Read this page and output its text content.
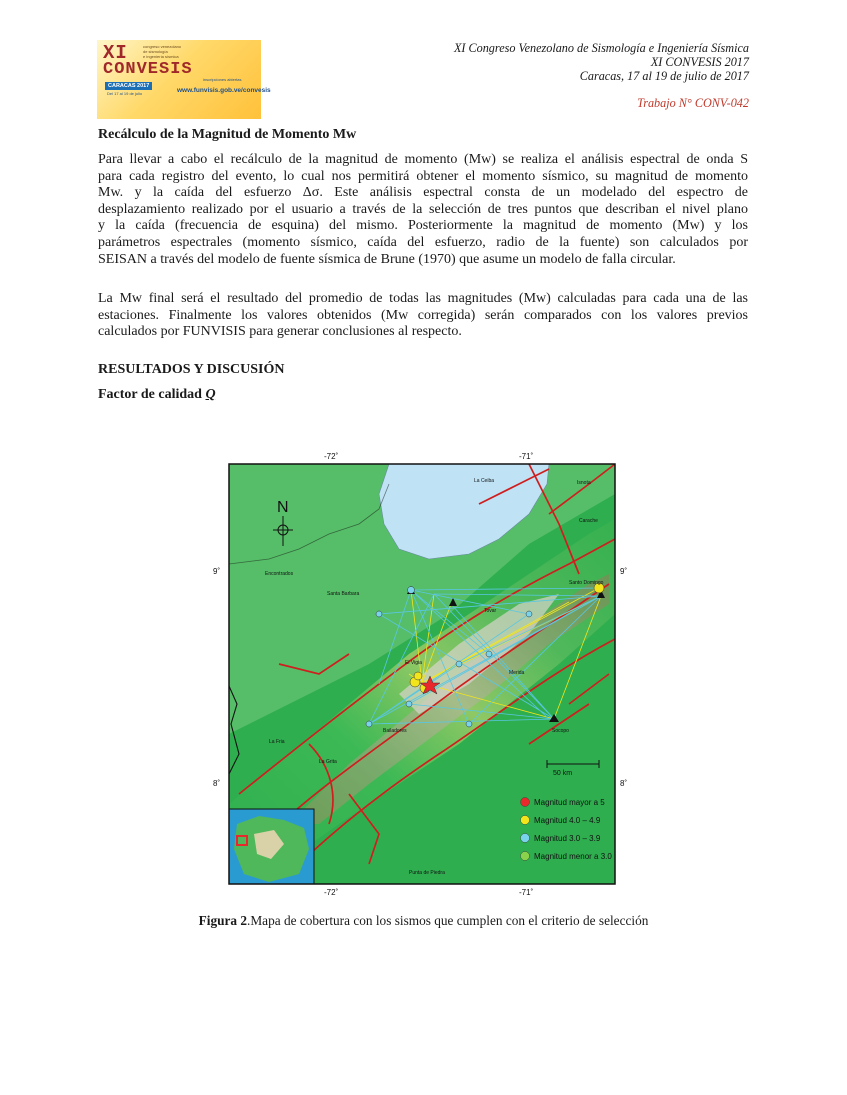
XI
CONVESIS
congreso venezolano
de sismología
e ingeniería sísmica
CARACAS 2017
Del 17 al 19 de julio
inscripciones abiertas
www.funvisis.gob.ve/convesis
XI Congreso Venezolano de Sismología e Ingeniería Sísmica
XI CONVESIS 2017
Caracas, 17 al 19 de julio de 2017
Trabajo N° CONV-042
Recálculo de la Magnitud de Momento Mw
Para llevar a cabo el recálculo de la magnitud de momento (Mw) se realiza el análisis espectral de onda S
para cada registro del evento, lo cual nos permitirá obtener el momento sísmico, su magnitud de momento
Mw. y la caída del esfuerzo Δσ. Este análisis espectral consta de un modelado del espectro de
desplazamiento realizado por el usuario a través de la selección de tres puntos que describan el nivel plano
y la caída (frecuencia de esquina) del mismo. Posteriormente la magnitud de momento (Mw) y los
parámetros espectrales (momento sísmico, caída del esfuerzo, radio de la fuente) son calculados por
SEISAN a través del modelo de fuente sísmica de Brune (1970) que asume un modelo de falla circular.
La Mw final será el resultado del promedio de todas las magnitudes (Mw) calculadas para cada una de las
estaciones. Finalmente los valores obtenidos (Mw corregida) serán comparados con los valores previos
calculados por FUNVISIS para generar conclusiones al respecto.
RESULTADOS Y DISCUSIÓN
Factor de calidad Q
-72˚	-71˚
-72˚	-71˚
9˚
8˚
9˚
8˚
N
La Ceiba	Isnota
Carache
Encontrados
Santa Barbara
Santo Domingo
La Fria
La Grita
Bailadores	Socopo
Punta de Piedra
El Vigia
Merida
Tovar
50 km
Magnitud mayor a 5
Magnitud 4.0 – 4.9
Magnitud 3.0 – 3.9
Magnitud menor a 3.0
Figura 2.Mapa de cobertura con los sismos que cumplen con el criterio de selección
